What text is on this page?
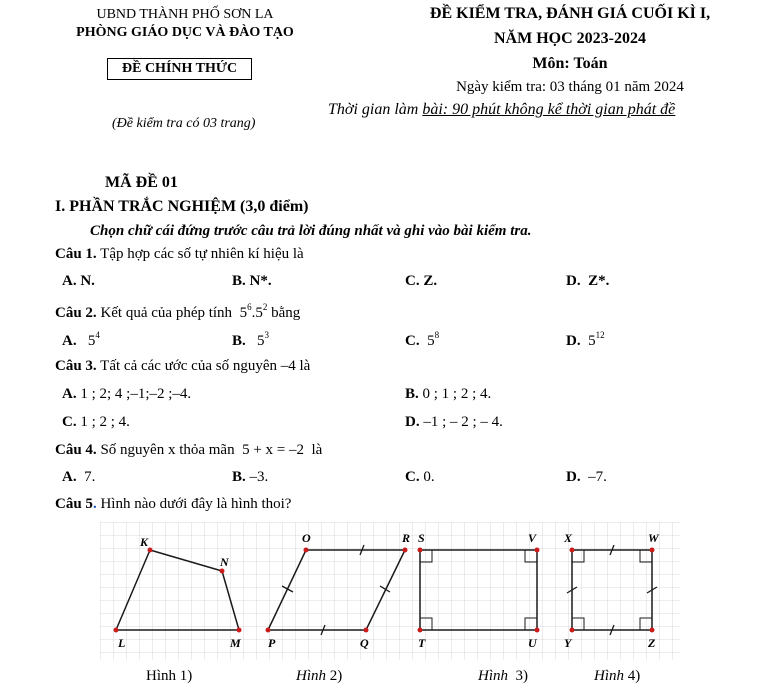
UBND THÀNH PHỐ SƠN LA
PHÒNG GIÁO DỤC VÀ ĐÀO TẠO
ĐỀ CHÍNH THỨC
(Đề kiểm tra có 03 trang)
ĐỀ KIỂM TRA, ĐÁNH GIÁ CUỐI KÌ I,
NĂM HỌC 2023-2024
Môn: Toán
Ngày kiểm tra: 03 tháng 01 năm 2024
Thời gian làm bài: 90 phút không kể thời gian phát đề
MÃ ĐỀ 01
I. PHẦN TRẮC NGHIỆM (3,0 điểm)
Chọn chữ cái đứng trước câu trả lời đúng nhất và ghi vào bài kiểm tra.
Câu 1. Tập hợp các số tự nhiên kí hiệu là
A. N.	B. N*.	C. Z.	D. Z*.
Câu 2. Kết quả của phép tính $5^6.5^2$ bằng
A. $5^4$	B. $5^3$	C. $5^8$	D. $5^{12}$
Câu 3. Tất cả các ước của số nguyên –4 là
A. 1 ; 2; 4 ;–1;–2 ;–4.	B. 0 ; 1 ; 2 ; 4.
C. 1 ; 2 ; 4.	D. –1 ; – 2 ; – 4.
Câu 4. Số nguyên x thỏa mãn 5 + x = –2 là
A. 7.	B. –3.	C. 0.	D. –7.
Câu 5. Hình nào dưới đây là hình thoi?
K
N
L	M
O	R
P	Q
S	V
T	U
X	W
Y	Z
Hình 1)	Hình 2)	Hình 3)	Hình 4)
